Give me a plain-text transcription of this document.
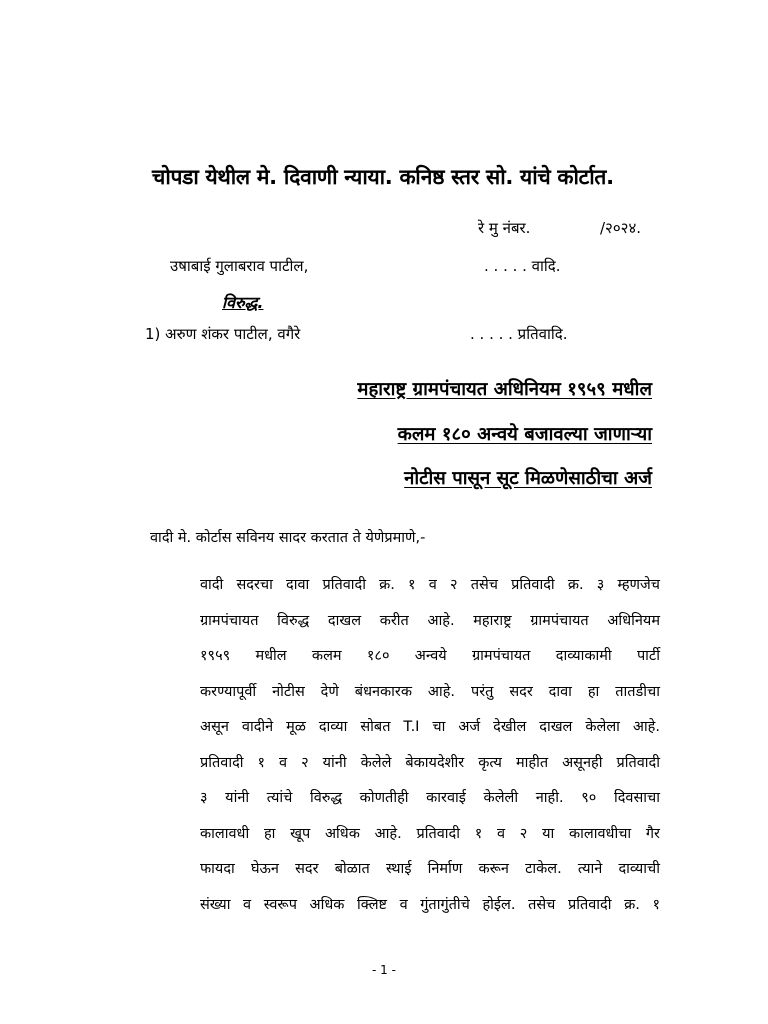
चोपडा येथील मे. दिवाणी न्याया. कनिष्ठ स्तर सो. यांचे कोर्टात.
रे मु नंबर.	/२०२४.
उषाबाई गुलाबराव पाटील,	. . . . . वादि.
विरुद्ध.
1) अरुण शंकर पाटील, वगैरे	. . . . . प्रतिवादि.
महाराष्ट्र ग्रामपंचायत अधिनियम १९५९ मधील
कलम १८० अन्वये बजावल्या जाणाऱ्या
नोटीस पासून सूट मिळणेसाठीचा अर्ज
वादी मे. कोर्टास सविनय सादर करतात ते येणेप्रमाणे,-
वादी सदरचा दावा प्रतिवादी क्र. १ व २ तसेच प्रतिवादी क्र. ३ म्हणजेच
ग्रामपंचायत विरुद्ध दाखल करीत आहे. महाराष्ट्र ग्रामपंचायत अधिनियम
१९५९ मधील कलम १८० अन्वये ग्रामपंचायत दाव्याकामी पार्टी
करण्यापूर्वी नोटीस देणे बंधनकारक आहे. परंतु सदर दावा हा तातडीचा
असून वादीने मूळ दाव्या सोबत T.I चा अर्ज देखील दाखल केलेला आहे.
प्रतिवादी १ व २ यांनी केलेले बेकायदेशीर कृत्य माहीत असूनही प्रतिवादी
३ यांनी त्यांचे विरुद्ध कोणतीही कारवाई केलेली नाही. ९० दिवसाचा
कालावधी हा खूप अधिक आहे. प्रतिवादी १ व २ या कालावधीचा गैर
फायदा घेऊन सदर बोळात स्थाई निर्माण करून टाकेल. त्याने दाव्याची
संख्या व स्वरूप अधिक क्लिष्ट व गुंतागुंतीचे होईल. तसेच प्रतिवादी क्र. १
- 1 -
